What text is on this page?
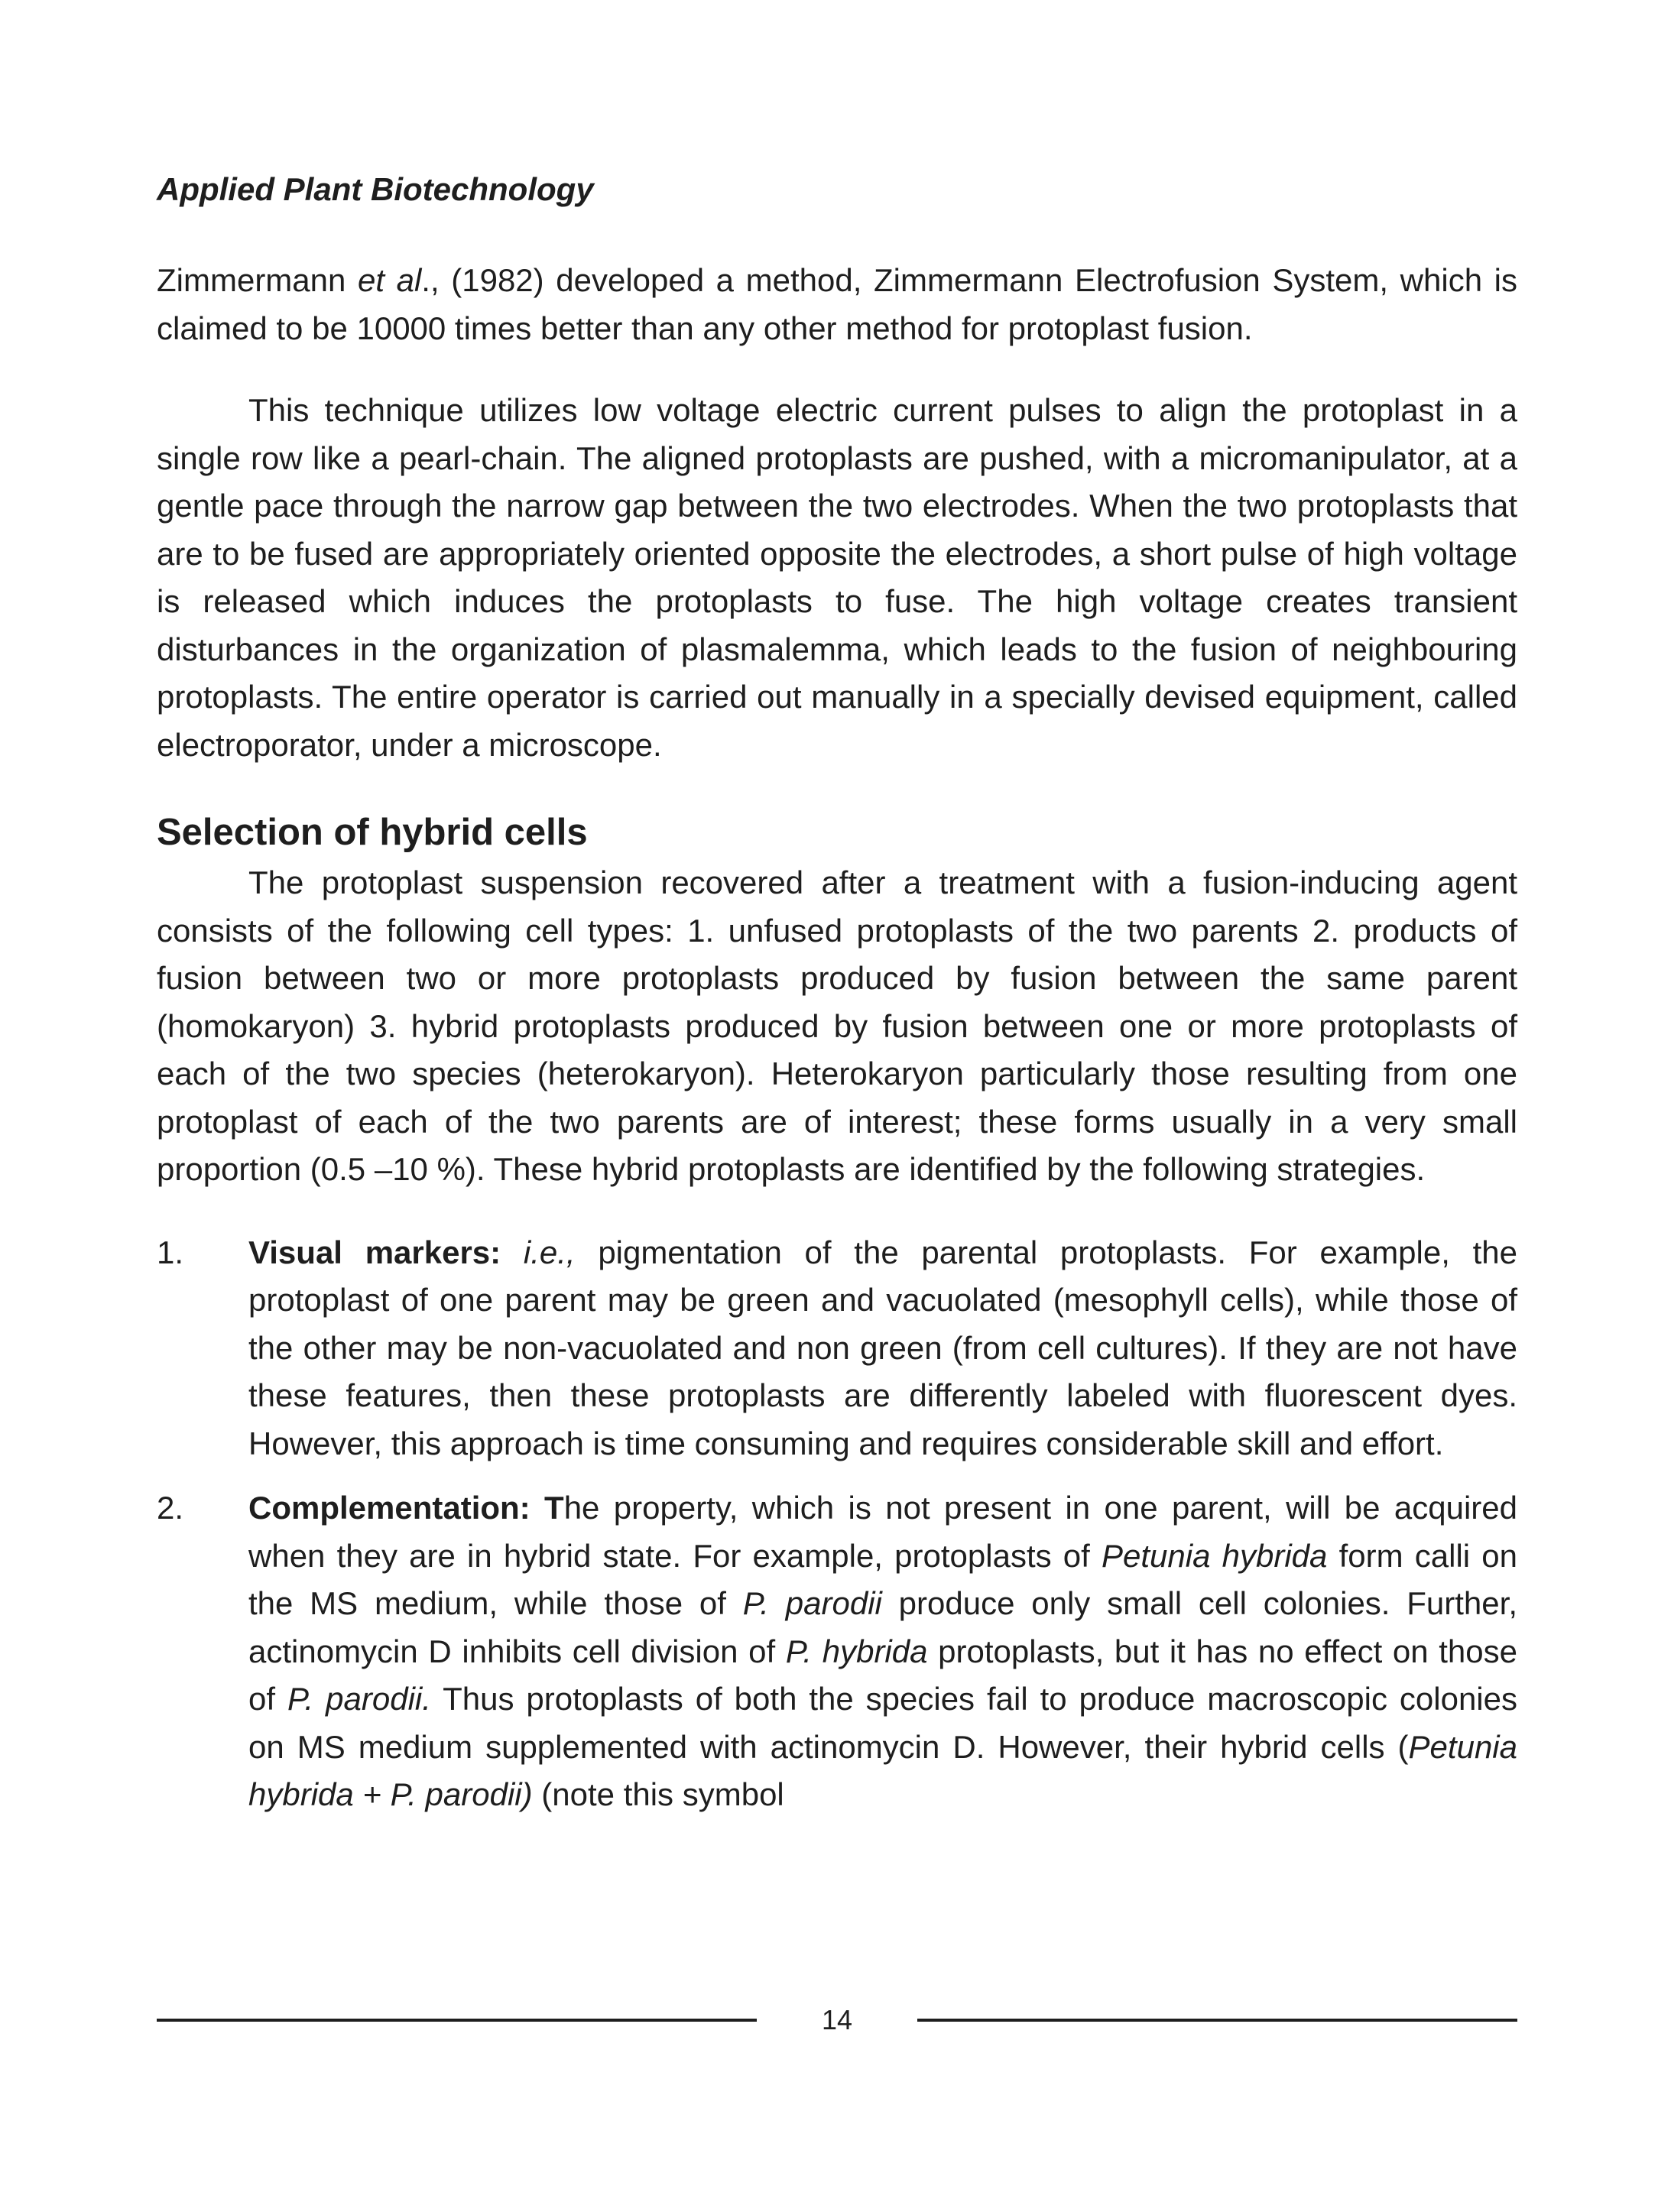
Applied Plant Biotechnology

Zimmermann et al., (1982) developed a method, Zimmermann Electrofusion System, which is claimed to be 10000 times better than any other method for protoplast fusion.

This technique utilizes low voltage electric current pulses to align the protoplast in a single row like a pearl-chain. The aligned protoplasts are pushed, with a micromanipulator, at a gentle pace through the narrow gap between the two electrodes. When the two protoplasts that are to be fused are appropriately oriented opposite the electrodes, a short pulse of high voltage is released which induces the protoplasts to fuse. The high voltage creates transient disturbances in the organization of plasmalemma, which leads to the fusion of neighbouring protoplasts. The entire operator is carried out manually in a specially devised equipment, called electroporator, under a microscope.

Selection of hybrid cells

The protoplast suspension recovered after a treatment with a fusion-inducing agent consists of the following cell types: 1. unfused protoplasts of the two parents 2. products of fusion between two or more protoplasts produced by fusion between the same parent (homokaryon) 3. hybrid protoplasts produced by fusion between one or more protoplasts of each of the two species (heterokaryon). Heterokaryon particularly those resulting from one protoplast of each of the two parents are of interest; these forms usually in a very small proportion (0.5 –10 %). These hybrid protoplasts are identified by the following strategies.

1.	Visual markers: i.e., pigmentation of the parental protoplasts. For example, the protoplast of one parent may be green and vacuolated (mesophyll cells), while those of the other may be non-vacuolated and non green (from cell cultures). If they are not have these features, then these protoplasts are differently labeled with fluorescent dyes. However, this approach is time consuming and requires considerable skill and effort.
2.	Complementation: The property, which is not present in one parent, will be acquired when they are in hybrid state. For example, protoplasts of Petunia hybrida form calli on the MS medium, while those of P. parodii produce only small cell colonies. Further, actinomycin D inhibits cell division of P. hybrida protoplasts, but it has no effect on those of P. parodii. Thus protoplasts of both the species fail to produce macroscopic colonies on MS medium supplemented with actinomycin D. However, their hybrid cells (Petunia hybrida + P. parodii) (note this symbol
14
